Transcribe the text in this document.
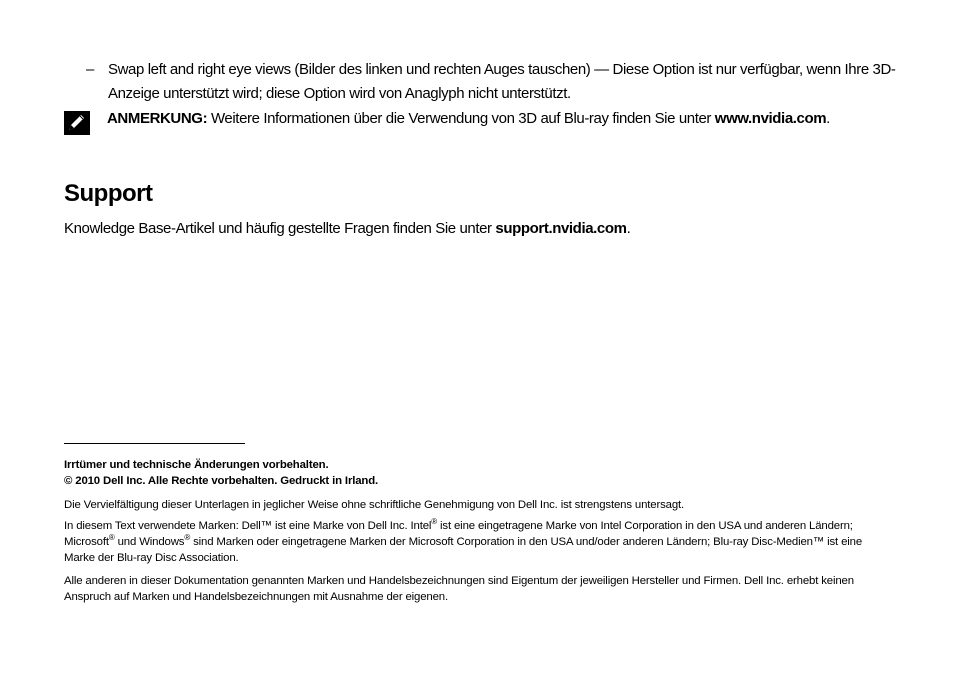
– Swap left and right eye views (Bilder des linken und rechten Auges tauschen) — Diese Option ist nur verfügbar, wenn Ihre 3D-Anzeige unterstützt wird; diese Option wird von Anaglyph nicht unterstützt.
ANMERKUNG: Weitere Informationen über die Verwendung von 3D auf Blu-ray finden Sie unter www.nvidia.com.
Support
Knowledge Base-Artikel und häufig gestellte Fragen finden Sie unter support.nvidia.com.
Irrtümer und technische Änderungen vorbehalten.
© 2010 Dell Inc. Alle Rechte vorbehalten. Gedruckt in Irland.
Die Vervielfältigung dieser Unterlagen in jeglicher Weise ohne schriftliche Genehmigung von Dell Inc. ist strengstens untersagt.
In diesem Text verwendete Marken: Dell™ ist eine Marke von Dell Inc. Intel® ist eine eingetragene Marke von Intel Corporation in den USA und anderen Ländern; Microsoft® und Windows® sind Marken oder eingetragene Marken der Microsoft Corporation in den USA und/oder anderen Ländern; Blu-ray Disc-Medien™ ist eine Marke der Blu-ray Disc Association.
Alle anderen in dieser Dokumentation genannten Marken und Handelsbezeichnungen sind Eigentum der jeweiligen Hersteller und Firmen. Dell Inc. erhebt keinen Anspruch auf Marken und Handelsbezeichnungen mit Ausnahme der eigenen.
